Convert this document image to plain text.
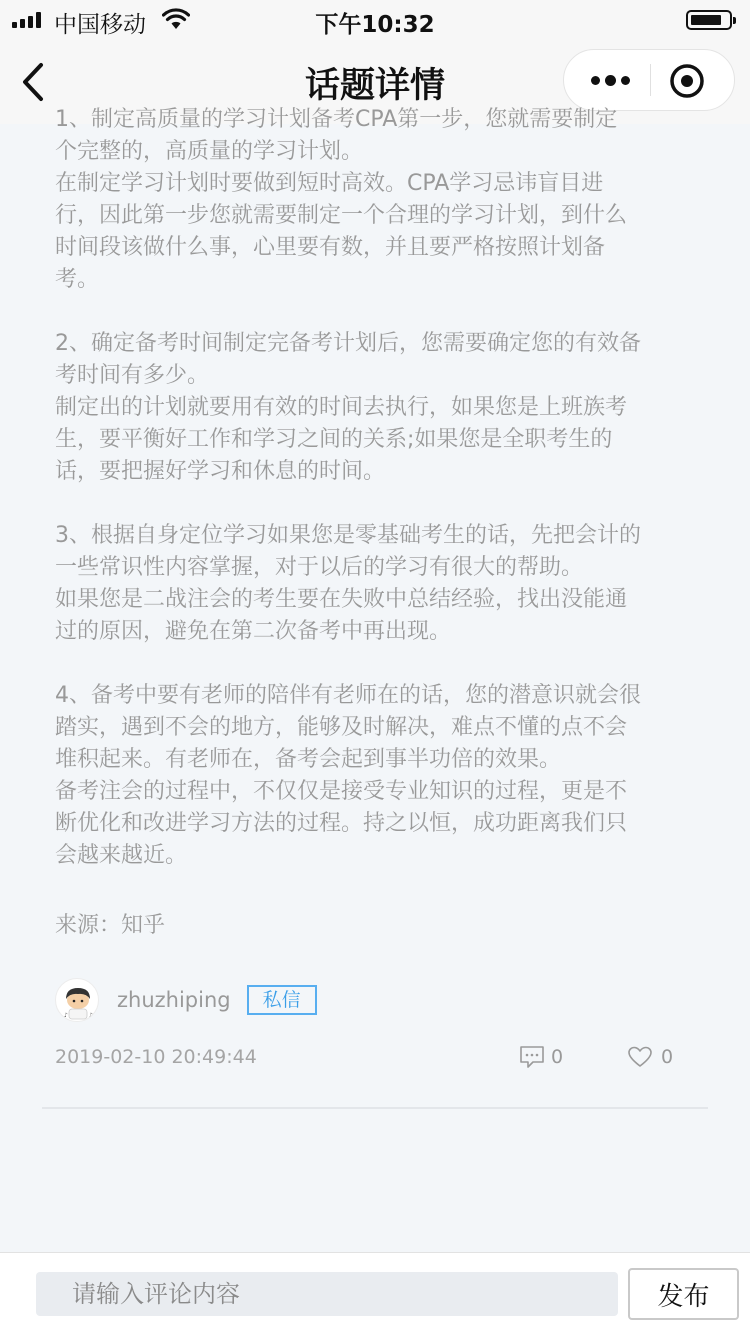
中国移动	下午10:32
话题详情

1、制定高质量的学习计划备考CPA第一步，您就需要制定
个完整的，高质量的学习计划。
在制定学习计划时要做到短时高效。CPA学习忌讳盲目进
行，因此第一步您就需要制定一个合理的学习计划，到什么
时间段该做什么事，心里要有数，并且要严格按照计划备
考。

2、确定备考时间制定完备考计划后，您需要确定您的有效备
考时间有多少。
制定出的计划就要用有效的时间去执行，如果您是上班族考
生，要平衡好工作和学习之间的关系;如果您是全职考生的
话，要把握好学习和休息的时间。

3、根据自身定位学习如果您是零基础考生的话，先把会计的
一些常识性内容掌握，对于以后的学习有很大的帮助。
如果您是二战注会的考生要在失败中总结经验，找出没能通
过的原因，避免在第二次备考中再出现。

4、备考中要有老师的陪伴有老师在的话，您的潜意识就会很
踏实，遇到不会的地方，能够及时解决，难点不懂的点不会
堆积起来。有老师在，备考会起到事半功倍的效果。
备考注会的过程中，不仅仅是接受专业知识的过程，更是不
断优化和改进学习方法的过程。持之以恒，成功距离我们只
会越来越近。

来源：知乎
♪	♪
zhuzhiping	私信
2019-02-10 20:49:44	0	0
请输入评论内容
发布
